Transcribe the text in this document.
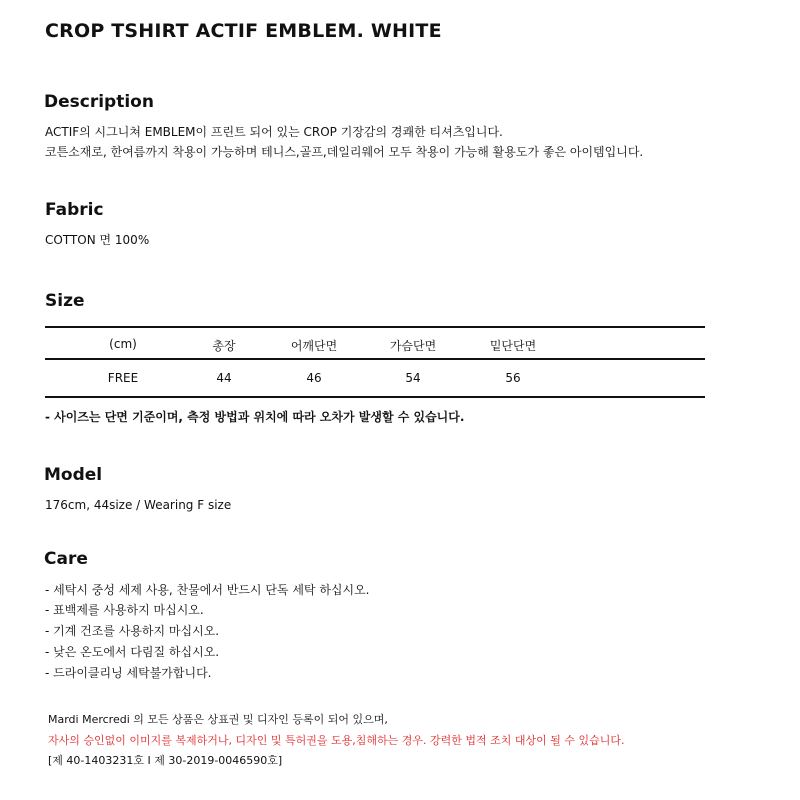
CROP TSHIRT ACTIF EMBLEM. WHITE
Description
ACTIF의 시그니쳐 EMBLEM이 프린트 되어 있는 CROP 기장감의 경쾌한 티셔츠입니다.
코튼소재로, 한여름까지 착용이 가능하며 테니스,골프,데일리웨어 모두 착용이 가능해 활용도가 좋은 아이템입니다.
Fabric
COTTON 면 100%
Size
(cm)	총장	어깨단면	가슴단면	밑단단면
FREE	44	46	54	56
- 사이즈는 단면 기준이며, 측정 방법과 위치에 따라 오차가 발생할 수 있습니다.
Model
176cm, 44size / Wearing F size
Care
- 세탁시 중성 세제 사용, 찬물에서 반드시 단독 세탁 하십시오.
- 표백제를 사용하지 마십시오.
- 기계 건조를 사용하지 마십시오.
- 낮은 온도에서 다림질 하십시오.
- 드라이클리닝 세탁불가합니다.
Mardi Mercredi 의 모든 상품은 상표권 및 디자인 등록이 되어 있으며,
자사의 승인없이 이미지를 복제하거나, 디자인 및 특허권을 도용,침해하는 경우. 강력한 법적 조치 대상이 될 수 있습니다.
[제 40-1403231호 I 제 30-2019-0046590호]
